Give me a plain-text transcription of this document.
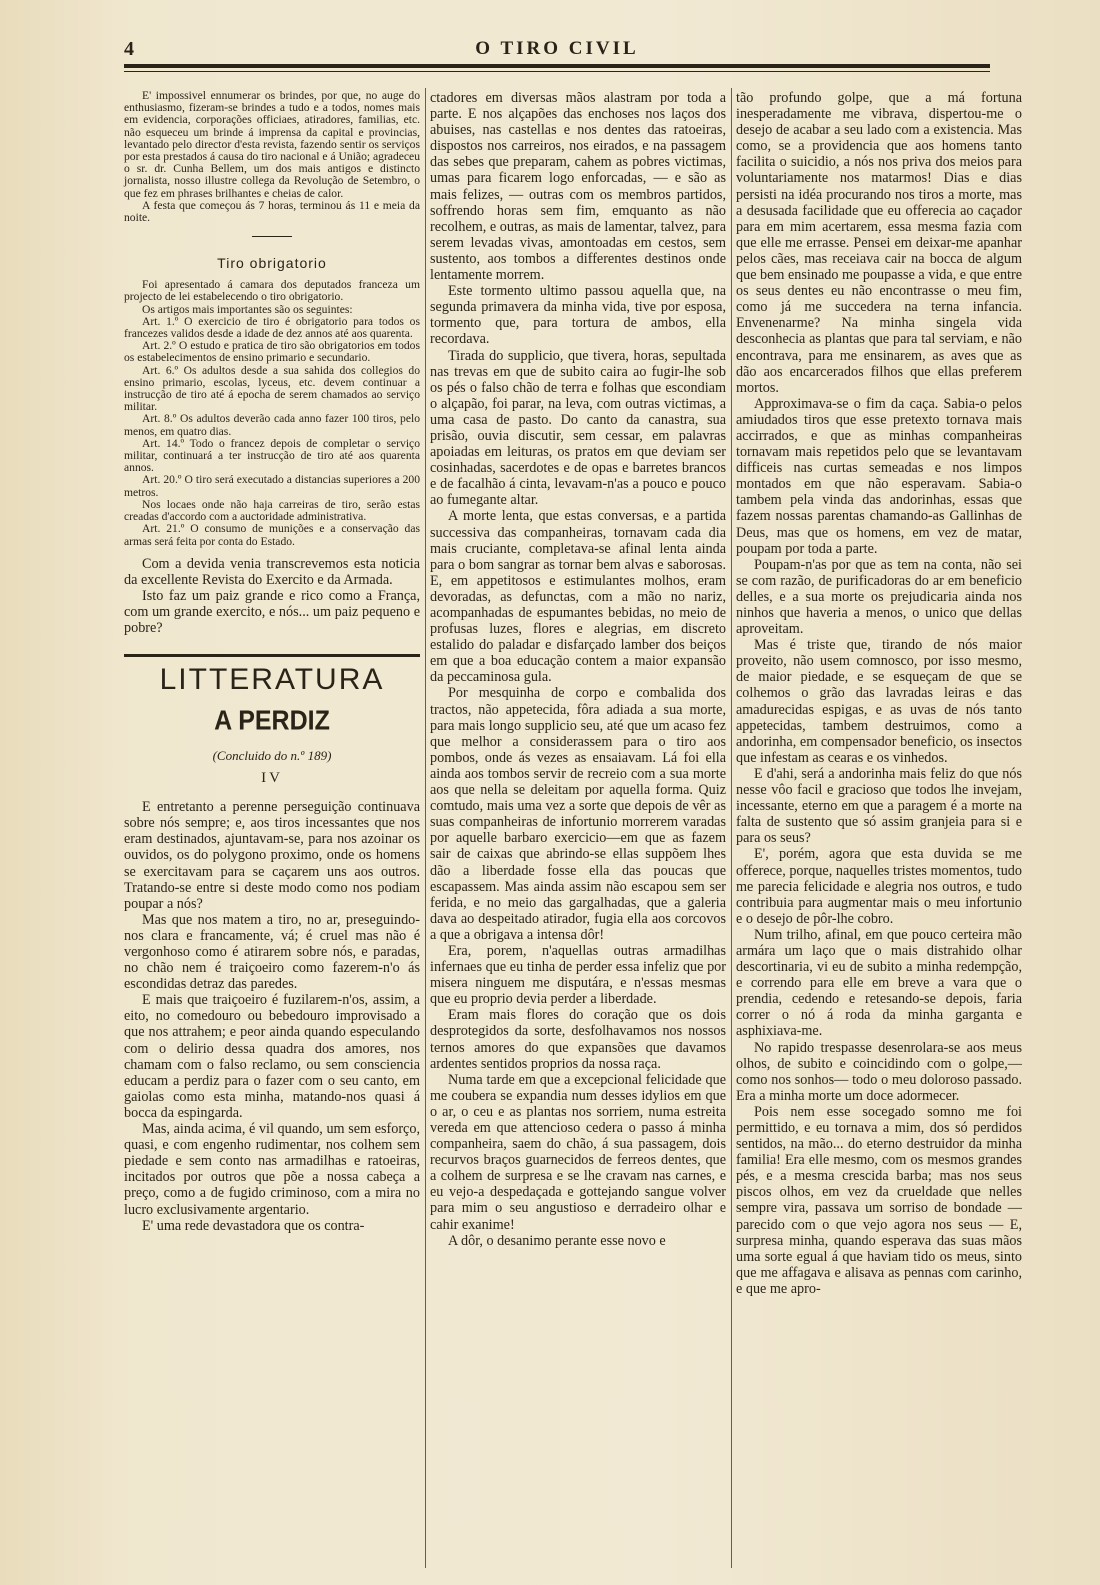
4	O TIRO CIVIL

E' impossivel ennumerar os brindes, por que, no auge do enthusiasmo, fizeram-se brindes a tudo e a todos, nomes mais em evidencia, corporações officiaes, atiradores, familias, etc. não esqueceu um brinde á imprensa da capital e provincias, levantado pelo director d'esta revista, fazendo sentir os serviços por esta prestados á causa do tiro nacional e á União; agradeceu o sr. dr. Cunha Bellem, um dos mais antigos e distincto jornalista, nosso illustre collega da Revolução de Setembro, o que fez em phrases brilhantes e cheias de calor.

A festa que começou ás 7 horas, terminou ás 11 e meia da noite.

Tiro obrigatorio

Foi apresentado á camara dos deputados franceza um projecto de lei estabelecendo o tiro obrigatorio.

Os artigos mais importantes são os seguintes:

Art. 1.º O exercicio de tiro é obrigatorio para todos os francezes validos desde a idade de dez annos até aos quarenta.

Art. 2.º O estudo e pratica de tiro são obrigatorios em todos os estabelecimentos de ensino primario e secundario.

Art. 6.º Os adultos desde a sua sahida dos collegios do ensino primario, escolas, lyceus, etc. devem continuar a instrucção de tiro até á epocha de serem chamados ao serviço militar.

Art. 8.º Os adultos deverão cada anno fazer 100 tiros, pelo menos, em quatro dias.

Art. 14.º Todo o francez depois de completar o serviço militar, continuará a ter instrucção de tiro até aos quarenta annos.

Art. 20.º O tiro será executado a distancias superiores a 200 metros.

Nos locaes onde não haja carreiras de tiro, serão estas creadas d'accordo com a auctoridade administrativa.

Art. 21.º O consumo de munições e a conservação das armas será feita por conta do Estado.

Com a devida venia transcrevemos esta noticia da excellente Revista do Exercito e da Armada.

Isto faz um paiz grande e rico como a França, com um grande exercito, e nós... um paiz pequeno e pobre?

LITTERATURA
A PERDIZ
(Concluido do n.º 189)
IV

E entretanto a perenne perseguição continuava sobre nós sempre; e, aos tiros incessantes que nos eram destinados, ajuntavam-se, para nos azoinar os ouvidos, os do polygono proximo, onde os homens se exercitavam para se caçarem uns aos outros. Tratando-se entre si deste modo como nos podiam poupar a nós?

Mas que nos matem a tiro, no ar, preseguindo-nos clara e francamente, vá; é cruel mas não é vergonhoso como é atirarem sobre nós, e paradas, no chão nem é traiçoeiro como fazerem-n'o ás escondidas detraz das paredes.

E mais que traiçoeiro é fuzilarem-n'os, assim, a eito, no comedouro ou bebedouro improvisado a que nos attrahem; e peor ainda quando especulando com o delirio dessa quadra dos amores, nos chamam com o falso reclamo, ou sem consciencia educam a perdiz para o fazer com o seu canto, em gaiolas como esta minha, matando-nos quasi á bocca da espingarda.

Mas, ainda acima, é vil quando, um sem esforço, quasi, e com engenho rudimentar, nos colhem sem piedade e sem conto nas armadilhas e ratoeiras, incitados por outros que põe a nossa cabeça a preço, como a de fugido criminoso, com a mira no lucro exclusivamente argentario.

E' uma rede devastadora que os contra-

ctadores em diversas mãos alastram por toda a parte. E nos alçapões das enchoses nos laços dos abuises, nas castellas e nos dentes das ratoeiras, dispostos nos carreiros, nos eirados, e na passagem das sebes que preparam, cahem as pobres victimas, umas para ficarem logo enforcadas, — e são as mais felizes, — outras com os membros partidos, soffrendo horas sem fim, emquanto as não recolhem, e outras, as mais de lamentar, talvez, para serem levadas vivas, amontoadas em cestos, sem sustento, aos tombos a differentes destinos onde lentamente morrem.

Este tormento ultimo passou aquella que, na segunda primavera da minha vida, tive por esposa, tormento que, para tortura de ambos, ella recordava.

Tirada do supplicio, que tivera, horas, sepultada nas trevas em que de subito caira ao fugir-lhe sob os pés o falso chão de terra e folhas que escondiam o alçapão, foi parar, na leva, com outras victimas, a uma casa de pasto. Do canto da canastra, sua prisão, ouvia discutir, sem cessar, em palavras apoiadas em leituras, os pratos em que deviam ser cosinhadas, sacerdotes e de opas e barretes brancos e de facalhão á cinta, levavam-n'as a pouco e pouco ao fumegante altar.

A morte lenta, que estas conversas, e a partida successiva das companheiras, tornavam cada dia mais cruciante, completava-se afinal lenta ainda para o bom sangrar as tornar bem alvas e saborosas. E, em appetitosos e estimulantes molhos, eram devoradas, as defunctas, com a mão no nariz, acompanhadas de espumantes bebidas, no meio de profusas luzes, flores e alegrias, em discreto estalido do paladar e disfarçado lamber dos beiços em que a boa educação contem a maior expansão da peccaminosa gula.

Por mesquinha de corpo e combalida dos tractos, não appetecida, fôra adiada a sua morte, para mais longo supplicio seu, até que um acaso fez que melhor a considerassem para o tiro aos pombos, onde ás vezes as ensaiavam. Lá foi ella ainda aos tombos servir de recreio com a sua morte aos que nella se deleitam por aquella forma. Quiz comtudo, mais uma vez a sorte que depois de vêr as suas companheiras de infortunio morrerem varadas por aquelle barbaro exercicio—em que as fazem sair de caixas que abrindo-se ellas suppõem lhes dão a liberdade fosse ella das poucas que escapassem. Mas ainda assim não escapou sem ser ferida, e no meio das gargalhadas, que a galeria dava ao despeitado atirador, fugia ella aos corcovos a que a obrigava a intensa dôr!

Era, porem, n'aquellas outras armadilhas infernaes que eu tinha de perder essa infeliz que por misera ninguem me disputára, e n'essas mesmas que eu proprio devia perder a liberdade.

Eram mais flores do coração que os dois desprotegidos da sorte, desfolhavamos nos nossos ternos amores do que expansões que davamos ardentes sentidos proprios da nossa raça.

Numa tarde em que a excepcional felicidade que me coubera se expandia num desses idylios em que o ar, o ceu e as plantas nos sorriem, numa estreita vereda em que attencioso cedera o passo á minha companheira, saem do chão, á sua passagem, dois recurvos braços guarnecidos de ferreos dentes, que a colhem de surpresa e se lhe cravam nas carnes, e eu vejo-a despedaçada e gottejando sangue volver para mim o seu angustioso e derradeiro olhar e cahir exanime!

A dôr, o desanimo perante esse novo e

tão profundo golpe, que a má fortuna inesperadamente me vibrava, dispertou-me o desejo de acabar a seu lado com a existencia. Mas como, se a providencia que aos homens tanto facilita o suicidio, a nós nos priva dos meios para voluntariamente nos matarmos! Dias e dias persisti na idéa procurando nos tiros a morte, mas a desusada facilidade que eu offerecia ao caçador para em mim acertarem, essa mesma fazia com que elle me errasse. Pensei em deixar-me apanhar pelos cães, mas receiava cair na bocca de algum que bem ensinado me poupasse a vida, e que entre os seus dentes eu não encontrasse o meu fim, como já me succedera na terna infancia. Envenenarme? Na minha singela vida desconhecia as plantas que para tal serviam, e não encontrava, para me ensinarem, as aves que as dão aos encarcerados filhos que ellas preferem mortos.

Approximava-se o fim da caça. Sabia-o pelos amiudados tiros que esse pretexto tornava mais accirrados, e que as minhas companheiras tornavam mais repetidos pelo que se levantavam difficeis nas curtas semeadas e nos limpos montados em que não esperavam. Sabia-o tambem pela vinda das andorinhas, essas que fazem nossas parentas chamando-as Gallinhas de Deus, mas que os homens, em vez de matar, poupam por toda a parte.

Poupam-n'as por que as tem na conta, não sei se com razão, de purificadoras do ar em beneficio delles, e a sua morte os prejudicaria ainda nos ninhos que haveria a menos, o unico que dellas aproveitam.

Mas é triste que, tirando de nós maior proveito, não usem comnosco, por isso mesmo, de maior piedade, e se esqueçam de que se colhemos o grão das lavradas leiras e das amadurecidas espigas, e as uvas de nós tanto appetecidas, tambem destruimos, como a andorinha, em compensador beneficio, os insectos que infestam as cearas e os vinhedos.

E d'ahi, será a andorinha mais feliz do que nós nesse vôo facil e gracioso que todos lhe invejam, incessante, eterno em que a paragem é a morte na falta de sustento que só assim granjeia para si e para os seus?

E', porém, agora que esta duvida se me offerece, porque, naquelles tristes momentos, tudo me parecia felicidade e alegria nos outros, e tudo contribuia para augmentar mais o meu infortunio e o desejo de pôr-lhe cobro.

Num trilho, afinal, em que pouco certeira mão armára um laço que o mais distrahido olhar descortinaria, vi eu de subito a minha redempção, e correndo para elle em breve a vara que o prendia, cedendo e retesando-se depois, faria correr o nó á roda da minha garganta e asphixiava-me.

No rapido trespasse desenrolara-se aos meus olhos, de subito e coincidindo com o golpe,—como nos sonhos— todo o meu doloroso passado. Era a minha morte um doce adormecer.

Pois nem esse socegado somno me foi permittido, e eu tornava a mim, dos só perdidos sentidos, na mão... do eterno destruidor da minha familia! Era elle mesmo, com os mesmos grandes pés, e a mesma crescida barba; mas nos seus piscos olhos, em vez da crueldade que nelles sempre vira, passava um sorriso de bondade — parecido com o que vejo agora nos seus — E, surpresa minha, quando esperava das suas mãos uma sorte egual á que haviam tido os meus, sinto que me affagava e alisava as pennas com carinho, e que me apro-
